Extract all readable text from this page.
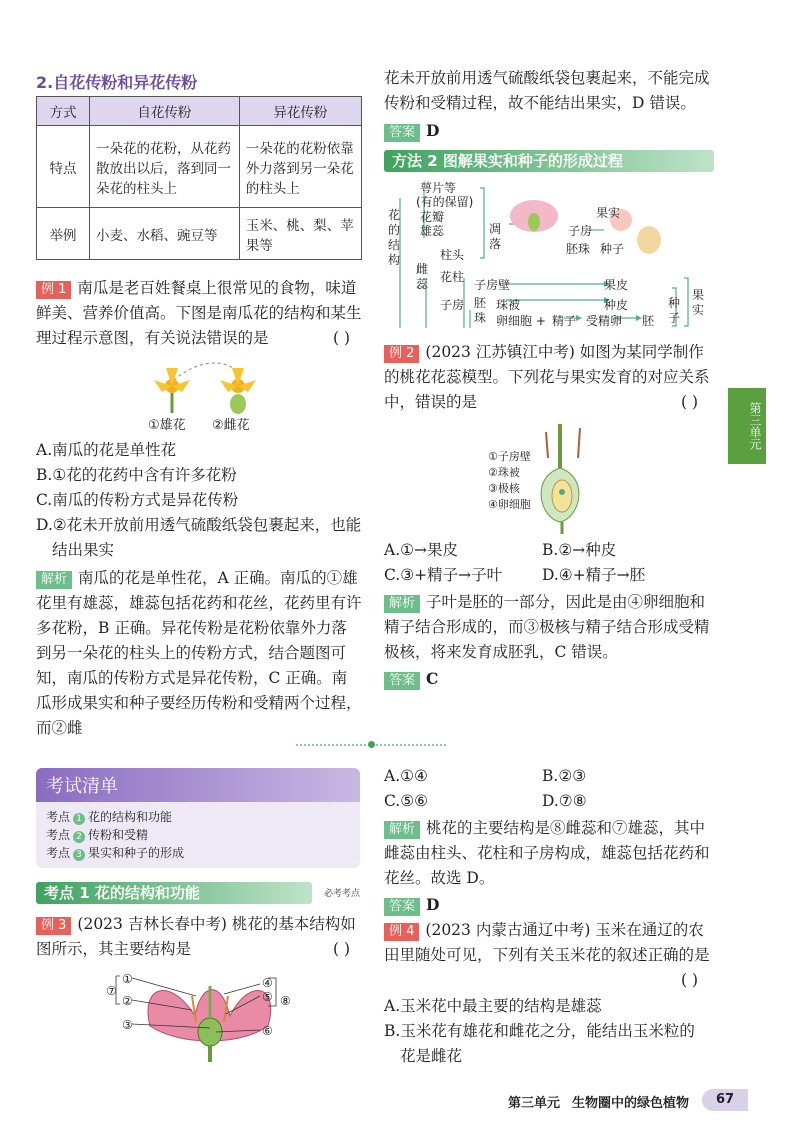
2.自花传粉和异花传粉
方式	自花传粉	异花传粉
特点	一朵花的花粉，从花药散放出以后，落到同一朵花的柱头上	一朵花的花粉依靠外力落到另一朵花的柱头上
举例	小麦、水稻、豌豆等	玉米、桃、梨、苹果等
例 1 南瓜是老百姓餐桌上很常见的食物，味道鲜美、营养价值高。下图是南瓜花的结构和某生理过程示意图，有关说法错误的是	( )
①雄花 ②雌花
A.南瓜的花是单性花
B.①花的花药中含有许多花粉
C.南瓜的传粉方式是异花传粉
D.②花未开放前用透气硫酸纸袋包裹起来，也能结出果实
解析 南瓜的花是单性花，A 正确。南瓜的①雄花里有雄蕊，雄蕊包括花药和花丝，花药里有许多花粉，B 正确。异花传粉是花粉依靠外力落到另一朵花的柱头上的传粉方式，结合题图可知，南瓜的传粉方式是异花传粉，C 正确。南瓜形成果实和种子要经历传粉和受精两个过程，而②雌
花未开放前用透气硫酸纸袋包裹起来，不能完成传粉和受精过程，故不能结出果实，D 错误。
答案 D
方法 2 图解果实和种子的形成过程
花的结构
萼片等
(有的保留)
花瓣
雄蕊	凋落
柱头
雌蕊 花柱
子房
子房壁
胚珠
珠被
卵细胞 + 精子 受精卵 胚
果皮
种皮	种子
果实
子房
胚珠
果实
种子
例 2 (2023 江苏镇江中考) 如图为某同学制作的桃花花蕊模型。下列花与果实发育的对应关系中，错误的是	( )
①子房壁
②珠被
③极核
④卵细胞
A.①→果皮	B.②→种皮
C.③+精子→子叶	D.④+精子→胚
解析 子叶是胚的一部分，因此是由④卵细胞和精子结合形成的，而③极核与精子结合形成受精极核，将来发育成胚乳，C 错误。
答案 C
第三单元
考试清单
考点 1 花的结构和功能
考点 2 传粉和受精
考点 3 果实和种子的形成
考点 1 花的结构和功能	必考考点
例 3 (2023 吉林长春中考) 桃花的基本结构如图所示，其主要结构是	( )
⑦
①
②
③
④
⑤
⑥
⑧
A.①④	B.②③
C.⑤⑥	D.⑦⑧
解析 桃花的主要结构是⑧雌蕊和⑦雄蕊，其中雌蕊由柱头、花柱和子房构成，雄蕊包括花药和花丝。故选 D。
答案 D
例 4 (2023 内蒙古通辽中考) 玉米在通辽的农田里随处可见，下列有关玉米花的叙述正确的是
( )
A.玉米花中最主要的结构是雄蕊
B.玉米花有雄花和雌花之分，能结出玉米粒的花是雌花
第三单元 生物圈中的绿色植物	67
